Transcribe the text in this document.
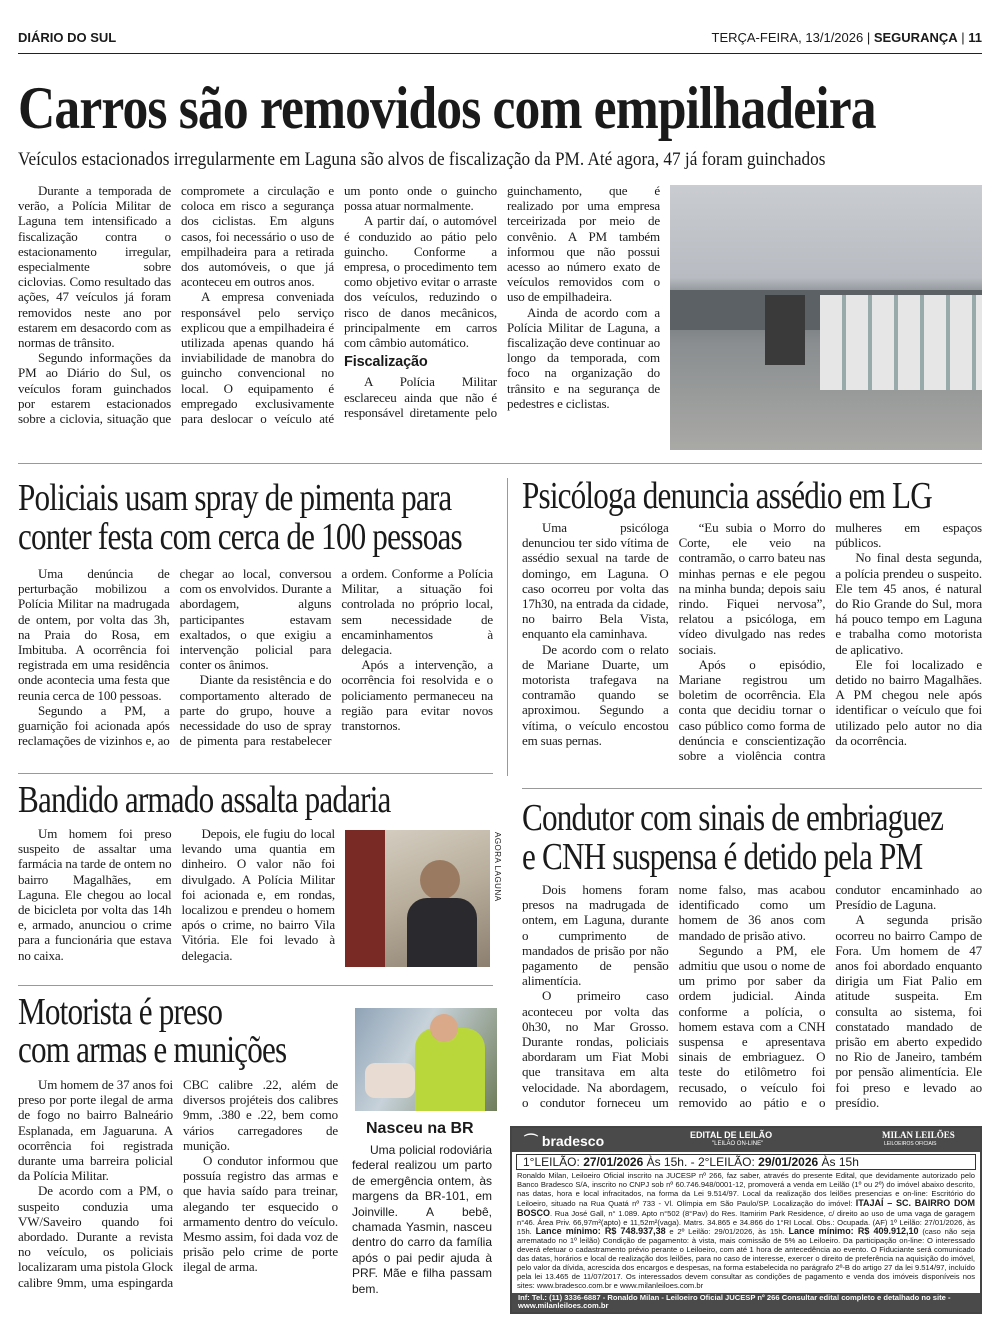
DIÁRIO DO SUL	TERÇA-FEIRA, 13/1/2026 | SEGURANÇA | 11
Carros são removidos com empilhadeira
Veículos estacionados irregularmente em Laguna são alvos de fiscalização da PM. Até agora, 47 já foram guinchados

Durante a temporada de verão, a Polícia Militar de Laguna tem intensificado a fiscalização contra o estacionamento irregular, especialmente sobre ciclovias. Como resultado das ações, 47 veículos já foram removidos neste ano por estarem em desacordo com as normas de trânsito.

Segundo informações da PM ao Diário do Sul, os veículos foram guinchados por estarem estacionados sobre a ciclovia, situação que compromete a circulação e coloca em risco a segurança dos ciclistas. Em alguns casos, foi necessário o uso de empilhadeira para a retirada dos automóveis, o que já aconteceu em outros anos.

A empresa conveniada responsável pelo serviço explicou que a empilhadeira é utilizada apenas quando há inviabilidade de manobra do guincho convencional no local. O equipamento é empregado exclusivamente para deslocar o veículo até um ponto onde o guincho possa atuar normalmente.

A partir daí, o automóvel é conduzido ao pátio pelo guincho. Conforme a empresa, o procedimento tem como objetivo evitar o arraste dos veículos, reduzindo o risco de danos mecânicos, principalmente em carros com câmbio automático.

Fiscalização

A Polícia Militar esclareceu ainda que não é responsável diretamente pelo guinchamento, que é realizado por uma empresa terceirizada por meio de convênio. A PM também informou que não possui acesso ao número exato de veículos removidos com o uso de empilhadeira.

Ainda de acordo com a Polícia Militar de Laguna, a fiscalização deve continuar ao longo da temporada, com foco na organização do trânsito e na segurança de pedestres e ciclistas.

Policiais usam spray de pimenta para
conter festa com cerca de 100 pessoas

Uma denúncia de perturbação mobilizou a Polícia Militar na madrugada de ontem, por volta das 3h, na Praia do Rosa, em Imbituba. A ocorrência foi registrada em uma residência onde acontecia uma festa que reunia cerca de 100 pessoas.

Segundo a PM, a guarnição foi acionada após reclamações de vizinhos e, ao chegar ao local, conversou com os envolvidos. Durante a abordagem, alguns participantes estavam exaltados, o que exigiu a intervenção policial para conter os ânimos.

Diante da resistência e do comportamento alterado de parte do grupo, houve a necessidade do uso de spray de pimenta para restabelecer a ordem. Conforme a Polícia Militar, a situação foi controlada no próprio local, sem necessidade de encaminhamentos à delegacia.

Após a intervenção, a ocorrência foi resolvida e o policiamento permaneceu na região para evitar novos transtornos.

Psicóloga denuncia assédio em LG

Uma psicóloga denunciou ter sido vítima de assédio sexual na tarde de domingo, em Laguna. O caso ocorreu por volta das 17h30, na entrada da cidade, no bairro Bela Vista, enquanto ela caminhava.

De acordo com o relato de Mariane Duarte, um motorista trafegava na contramão quando se aproximou. Segundo a vítima, o veículo encostou em suas pernas.

“Eu subia o Morro do Corte, ele veio na contramão, o carro bateu nas minhas pernas e ele pegou na minha bunda; depois saiu rindo. Fiquei nervosa”, relatou a psicóloga, em vídeo divulgado nas redes sociais.

Após o episódio, Mariane registrou um boletim de ocorrência. Ela conta que decidiu tornar o caso público como forma de denúncia e conscientização sobre a violência contra mulheres em espaços públicos.

No final desta segunda, a polícia prendeu o suspeito. Ele tem 45 anos, é natural do Rio Grande do Sul, mora há pouco tempo em Laguna e trabalha como motorista de aplicativo.

Ele foi localizado e detido no bairro Magalhães. A PM chegou nele após identificar o veículo que foi utilizado pelo autor no dia da ocorrência.

Bandido armado assalta padaria

Um homem foi preso suspeito de assaltar uma farmácia na tarde de ontem no bairro Magalhães, em Laguna. Ele chegou ao local de bicicleta por volta das 14h e, armado, anunciou o crime para a funcionária que estava no caixa.

Depois, ele fugiu do local levando uma quantia em dinheiro. O valor não foi divulgado. A Polícia Militar foi acionada e, em rondas, localizou e prendeu o homem após o crime, no bairro Vila Vitória. Ele foi levado à delegacia.

AGORA LAGUNA
Condutor com sinais de embriaguez
e CNH suspensa é detido pela PM

Dois homens foram presos na madrugada de ontem, em Laguna, durante o cumprimento de mandados de prisão por não pagamento de pensão alimentícia.

O primeiro caso aconteceu por volta das 0h30, no Mar Grosso. Durante rondas, policiais abordaram um Fiat Mobi que transitava em alta velocidade. Na abordagem, o condutor forneceu um nome falso, mas acabou identificado como um homem de 36 anos com mandado de prisão ativo.

Segundo a PM, ele admitiu que usou o nome de um primo por saber da ordem judicial. Ainda conforme a polícia, o homem estava com a CNH suspensa e apresentava sinais de embriaguez. O teste do etilômetro foi recusado, o veículo foi removido ao pátio e o condutor encaminhado ao Presídio de Laguna.

A segunda prisão ocorreu no bairro Campo de Fora. Um homem de 47 anos foi abordado enquanto dirigia um Fiat Palio em atitude suspeita. Em consulta ao sistema, foi constatado mandado de prisão em aberto expedido no Rio de Janeiro, também por pensão alimentícia. Ele foi preso e levado ao presídio.

Motorista é preso
com armas e munições

Um homem de 37 anos foi preso por porte ilegal de arma de fogo no bairro Balneário Esplanada, em Jaguaruna. A ocorrência foi registrada durante uma barreira policial da Polícia Militar.

De acordo com a PM, o suspeito conduzia uma VW/Saveiro quando foi abordado. Durante a revista no veículo, os policiais localizaram uma pistola Glock calibre 9mm, uma espingarda CBC calibre .22, além de diversos projéteis dos calibres 9mm, .380 e .22, bem como vários carregadores de munição.

O condutor informou que possuía registro das armas e que havia saído para treinar, alegando ter esquecido o armamento dentro do veículo. Mesmo assim, foi dada voz de prisão pelo crime de porte ilegal de arma.

Nasceu na BR
Uma policial rodoviária federal realizou um parto de emergência ontem, às margens da BR-101, em Joinville. A bebê, chamada Yasmin, nasceu dentro do carro da família após o pai pedir ajuda à PRF. Mãe e filha passam bem.
⌒ bradesco	EDITAL DE LEILÃO
"LEILÃO ON-LINE"
MILAN LEILÕES
LEILOEIROS OFICIAIS
1°LEILÃO: 27/01/2026 Às 15h. - 2°LEILÃO: 29/01/2026 Às 15h
Ronaldo Milan, Leiloeiro Oficial inscrito na JUCESP nº 266, faz saber, através do presente Edital, que devidamente autorizado pelo Banco Bradesco S/A, inscrito no CNPJ sob nº 60.746.948/0001-12, promoverá a venda em Leilão (1º ou 2º) do imóvel abaixo descrito, nas datas, hora e local infracitados, na forma da Lei 9.514/97. Local da realização dos leilões presencias e on-line: Escritório do Leiloeiro, situado na Rua Quatá nº 733 - Vl. Olímpia em São Paulo/SP. Localização do imóvel: ITAJAÍ – SC. BAIRRO DOM BOSCO. Rua José Gall, n° 1.089. Apto n°502 (8°Pav) do Res. Itamirim Park Residence, c/ direito ao uso de uma vaga de garagem n°46. Área Priv. 66,97m²(apto) e 11,52m²(vaga). Matrs. 34.865 e 34.866 do 1°RI Local. Obs.: Ocupada. (AF) 1º Leilão: 27/01/2026, às 15h. Lance mínimo: R$ 748.937,38 e 2º Leilão: 29/01/2026, às 15h. Lance mínimo: R$ 409.912,10 (caso não seja arrematado no 1º leilão) Condição de pagamento: à vista, mais comissão de 5% ao Leiloeiro. Da participação on-line: O interessado deverá efetuar o cadastramento prévio perante o Leiloeiro, com até 1 hora de antecedência ao evento. O Fiduciante será comunicado das datas, horários e local de realização dos leilões, para no caso de interesse, exercer o direito de preferência na aquisição do imóvel, pelo valor da dívida, acrescida dos encargos e despesas, na forma estabelecida no parágrafo 2º-B do artigo 27 da lei 9.514/97, incluído pela lei 13.465 de 11/07/2017. Os interessados devem consultar as condições de pagamento e venda dos imóveis disponíveis nos sites: www.bradesco.com.br e www.milanleiloes.com.br
Inf: Tel.: (11) 3336-6887 - Ronaldo Milan - Leiloeiro Oficial JUCESP nº 266 Consultar edital completo e detalhado no site - www.milanleiloes.com.br
